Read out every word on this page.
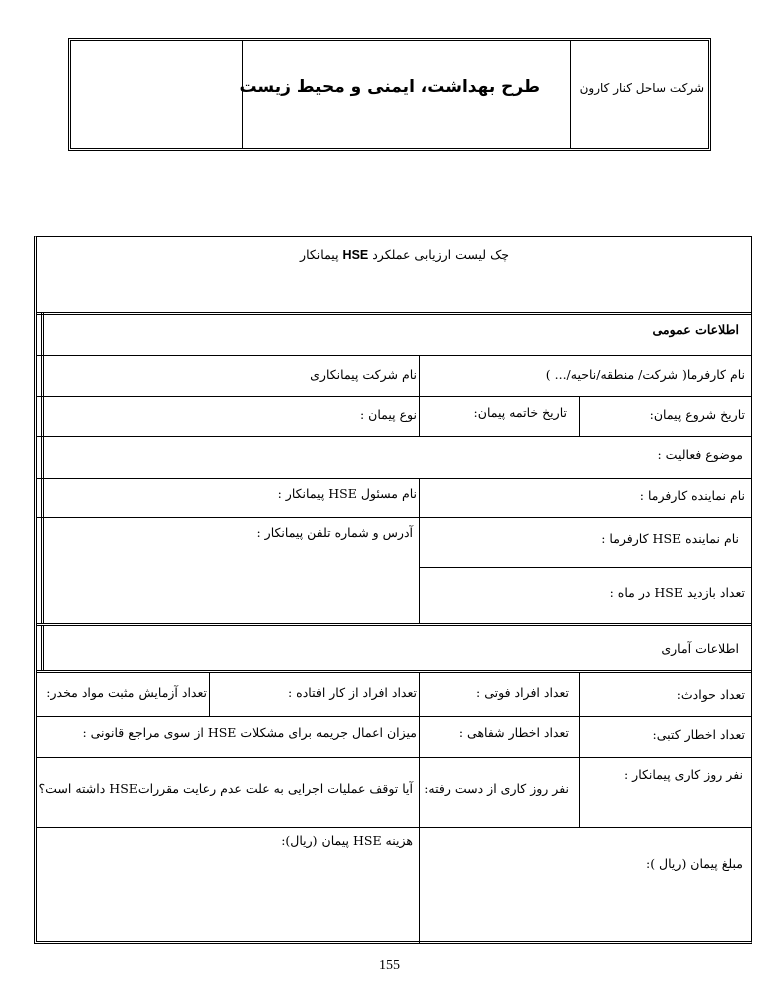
شرکت ساحل کنار کارون
طرح بهداشت، ایمنی و محیط زیست
چک لیست ارزیابی عملکرد HSE پیمانکار
اطلاعات عمومی
نام کارفرما( شرکت/ منطقه/ناحیه/... )
نام شرکت پیمانکاری
تاریخ شروع پیمان:
تاریخ خاتمه پیمان:
نوع پیمان :
موضوع فعالیت :
نام نماینده کارفرما :
نام مسئول HSE پیمانکار :
نام نماینده HSE کارفرما :
آدرس و شماره تلفن پیمانکار :
تعداد بازدید HSE در ماه :
اطلاعات آماری
تعداد حوادث:
تعداد افراد فوتی :
تعداد افراد از کار افتاده :
تعداد آزمایش مثبت مواد مخدر:
تعداد اخطار کتبی:
تعداد اخطار شفاهی :
میزان اعمال جریمه برای مشکلات HSE از سوی مراجع قانونی :
نفر روز کاری پیمانکار :
نفر روز کاری از دست رفته:
آیا توقف عملیات اجرایی به علت عدم رعایت مقرراتHSE داشته است؟
مبلغ پیمان (ریال ):
هزینه HSE پیمان (ریال):
155
